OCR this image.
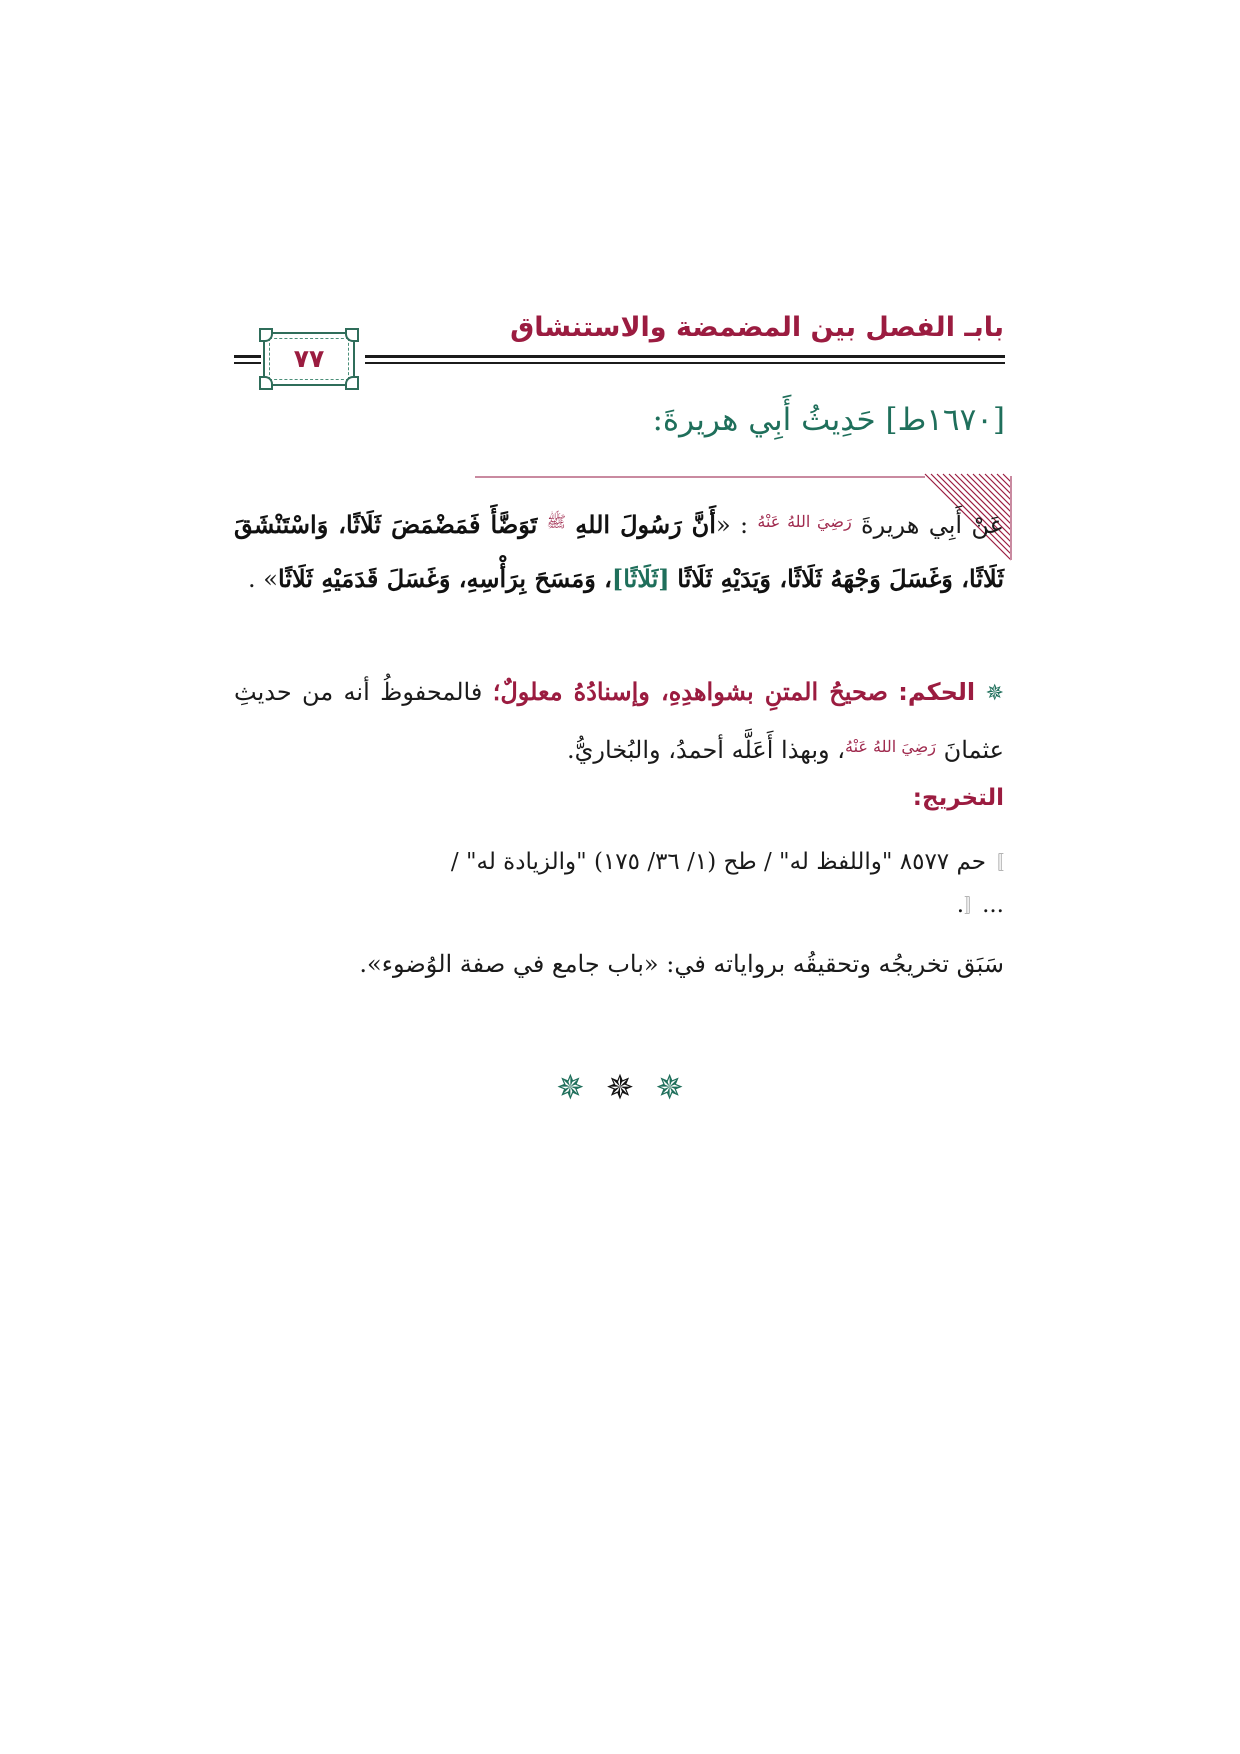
بابـ الفصل بين المضمضة والاستنشاق
٧٧
[١٦٧٠ط] حَدِيثُ أَبِي هريرةَ:
عَنْ أَبِي هريرةَ $^{رَضِيَ اللهُ عَنْهُ}$ : «أَنَّ رَسُولَ اللهِ $^ﷺ$ تَوَضَّأَ فَمَضْمَضَ ثَلَاثًا، وَاسْتَنْشَقَ ثَلَاثًا، وَغَسَلَ وَجْهَهُ ثَلَاثًا، وَيَدَيْهِ ثَلَاثًا [ثَلَاثًا]، وَمَسَحَ بِرَأْسِهِ، وَغَسَلَ قَدَمَيْهِ ثَلَاثًا» .
✵ الحكم: صحيحُ المتنِ بشواهدِهِ، وإسنادُهُ معلولٌ؛ فالمحفوظُ أنه من حديثِ عثمانَ $^{رَضِيَ اللهُ عَنْهُ}$، وبهذا أَعَلَّه أحمدُ، والبُخاريُّ.
التخريج:
〛حم ٨٥٧٧ "واللفظ له" / طح (١/ ٣٦/ ١٧٥) "والزيادة له" /
...〚.
سَبَق تخريجُه وتحقيقُه برواياته في: «باب جامع في صفة الوُضوء».
✵ ✵ ✵
